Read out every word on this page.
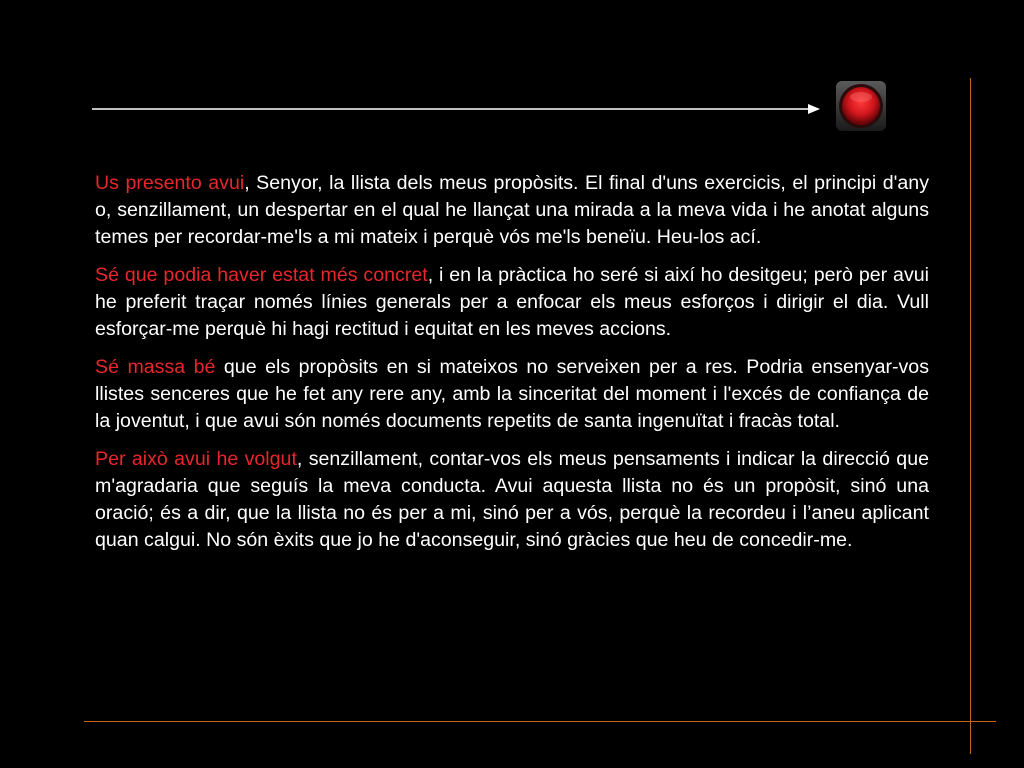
Us presento avui, Senyor, la llista dels meus propòsits. El final d'uns exercicis, el principi d'any o, senzillament, un despertar en el qual he llançat una mirada a la meva vida i he anotat alguns temes per recordar-me'ls a mi mateix i perquè vós me'ls beneïu. Heu-los ací.

Sé que podia haver estat més concret, i en la pràctica ho seré si així ho desitgeu; però per avui he preferit traçar només línies generals per a enfocar els meus esforços i dirigir el dia. Vull esforçar-me perquè hi hagi rectitud i equitat en les meves accions.

Sé massa bé que els propòsits en si mateixos no serveixen per a res. Podria ensenyar-vos llistes senceres que he fet any rere any, amb la sinceritat del moment i l'excés de confiança de la joventut, i que avui són només documents repetits de santa ingenuïtat i fracàs total.

Per això avui he volgut, senzillament, contar-vos els meus pensaments i indicar la direcció que m'agradaria que seguís la meva conducta. Avui aquesta llista no és un propòsit, sinó una oració; és a dir, que la llista no és per a mi, sinó per a vós, perquè la recordeu i l’aneu aplicant quan calgui. No són èxits que jo he d'aconseguir, sinó gràcies que heu de concedir-me.
